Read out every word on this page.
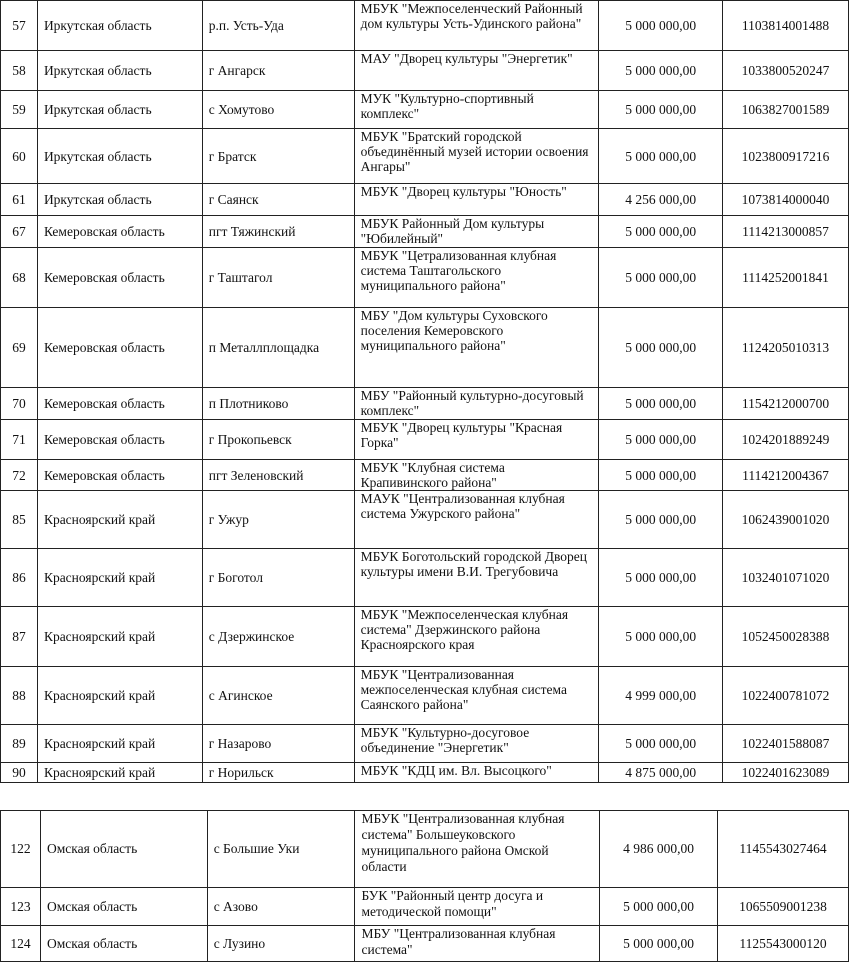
57	Иркутская область	р.п. Усть-Уда	МБУК "Межпоселенческий Районный дом культуры Усть-Удинского района"	5 000 000,00	1103814001488
58	Иркутская область	г Ангарск	МАУ "Дворец культуры "Энергетик"	5 000 000,00	1033800520247
59	Иркутская область	с Хомутово	МУК "Культурно-спортивный комплекс"	5 000 000,00	1063827001589
60	Иркутская область	г Братск	МБУК "Братский городской объединённый музей истории освоения Ангары"	5 000 000,00	1023800917216
61	Иркутская область	г Саянск	МБУК "Дворец культуры "Юность"	4 256 000,00	1073814000040
67	Кемеровская область	пгт Тяжинский	МБУК Районный Дом культуры "Юбилейный"	5 000 000,00	1114213000857
68	Кемеровская область	г Таштагол	МБУК "Цетрализованная клубная система Таштагольского муниципального района"	5 000 000,00	1114252001841
69	Кемеровская область	п Металлплощадка	МБУ "Дом культуры Суховского поселения Кемеровского муниципального района"	5 000 000,00	1124205010313
70	Кемеровская область	п Плотниково	МБУ "Районный культурно-досуговый комплекс"	5 000 000,00	1154212000700
71	Кемеровская область	г Прокопьевск	МБУК "Дворец культуры "Красная Горка"	5 000 000,00	1024201889249
72	Кемеровская область	пгт Зеленовский	МБУК "Клубная система Крапивинского района"	5 000 000,00	1114212004367
85	Красноярский край	г Ужур	МАУК "Централизованная клубная система Ужурского района"	5 000 000,00	1062439001020
86	Красноярский край	г Боготол	МБУК Боготольский городской Дворец культуры имени В.И. Трегубовича	5 000 000,00	1032401071020
87	Красноярский край	с Дзержинское	МБУК "Межпоселенческая клубная система" Дзержинского района Красноярского края	5 000 000,00	1052450028388
88	Красноярский край	с Агинское	МБУК "Централизованная межпоселенческая клубная система Саянского района"	4 999 000,00	1022400781072
89	Красноярский край	г Назарово	МБУК "Культурно-досуговое объединение "Энергетик"	5 000 000,00	1022401588087
90	Красноярский край	г Норильск	МБУК "КДЦ им. Вл. Высоцкого"	4 875 000,00	1022401623089
122	Омская область	с Большие Уки	МБУК "Централизованная клубная система" Большеуковского муниципального района Омской области	4 986 000,00	1145543027464
123	Омская область	с Азово	БУК "Районный центр досуга и методической помощи"	5 000 000,00	1065509001238
124	Омская область	с Лузино	МБУ "Централизованная клубная система"	5 000 000,00	1125543000120
